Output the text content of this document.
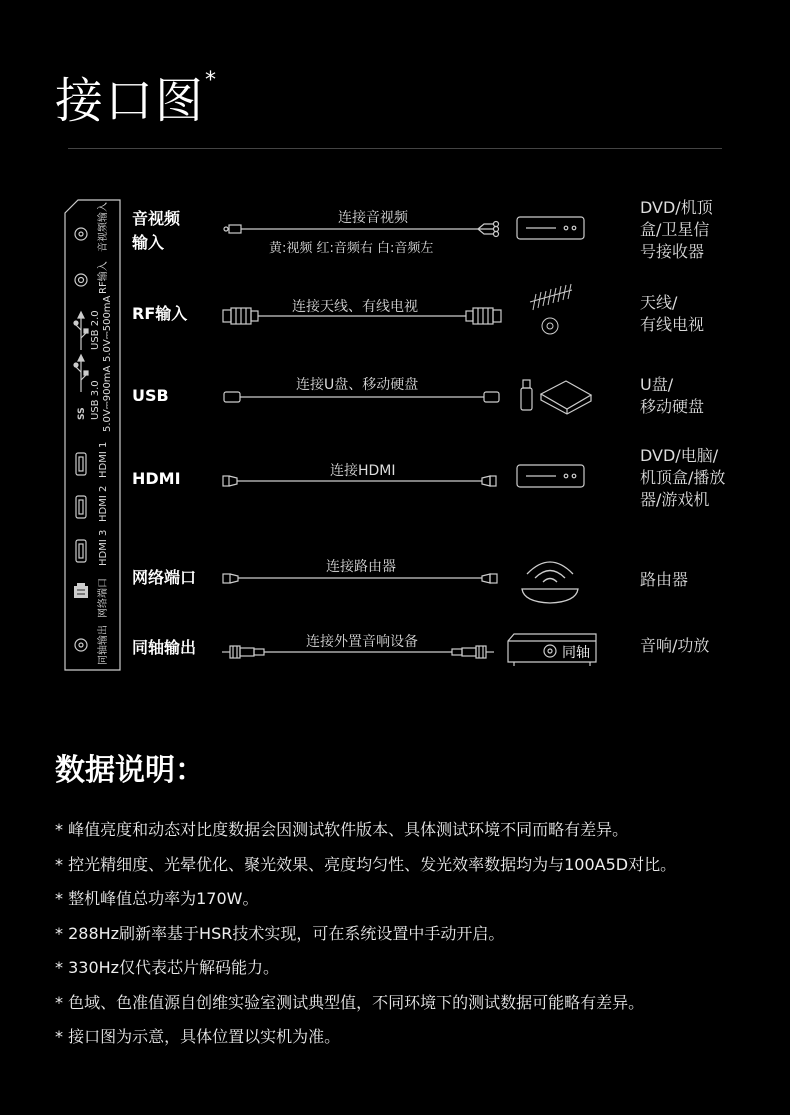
接口图*
SS
音视频输入
RF输入
USB 2.0 5.0V⎓500mA
USB 3.0 5.0V⎓900mA
HDMI 1
HDMI 2
HDMI 3
网络端口
同轴输出
音视频
输入
RF输入
USB
HDMI
网络端口
同轴输出
连接音视频
黄:视频 红:音频右 白:音频左
连接天线、有线电视
连接U盘、移动硬盘
连接HDMI
连接路由器
连接外置音响设备
同轴
DVD/机顶
盒/卫星信
号接收器
天线/
有线电视
U盘/
移动硬盘
DVD/电脑/
机顶盒/播放
器/游戏机
路由器
音响/功放
数据说明：
* 峰值亮度和动态对比度数据会因测试软件版本、具体测试环境不同而略有差异。
* 控光精细度、光晕优化、聚光效果、亮度均匀性、发光效率数据均为与100A5D对比。
* 整机峰值总功率为170W。
* 288Hz刷新率基于HSR技术实现，可在系统设置中手动开启。
* 330Hz仅代表芯片解码能力。
* 色域、色准值源自创维实验室测试典型值，不同环境下的测试数据可能略有差异。
* 接口图为示意，具体位置以实机为准。
